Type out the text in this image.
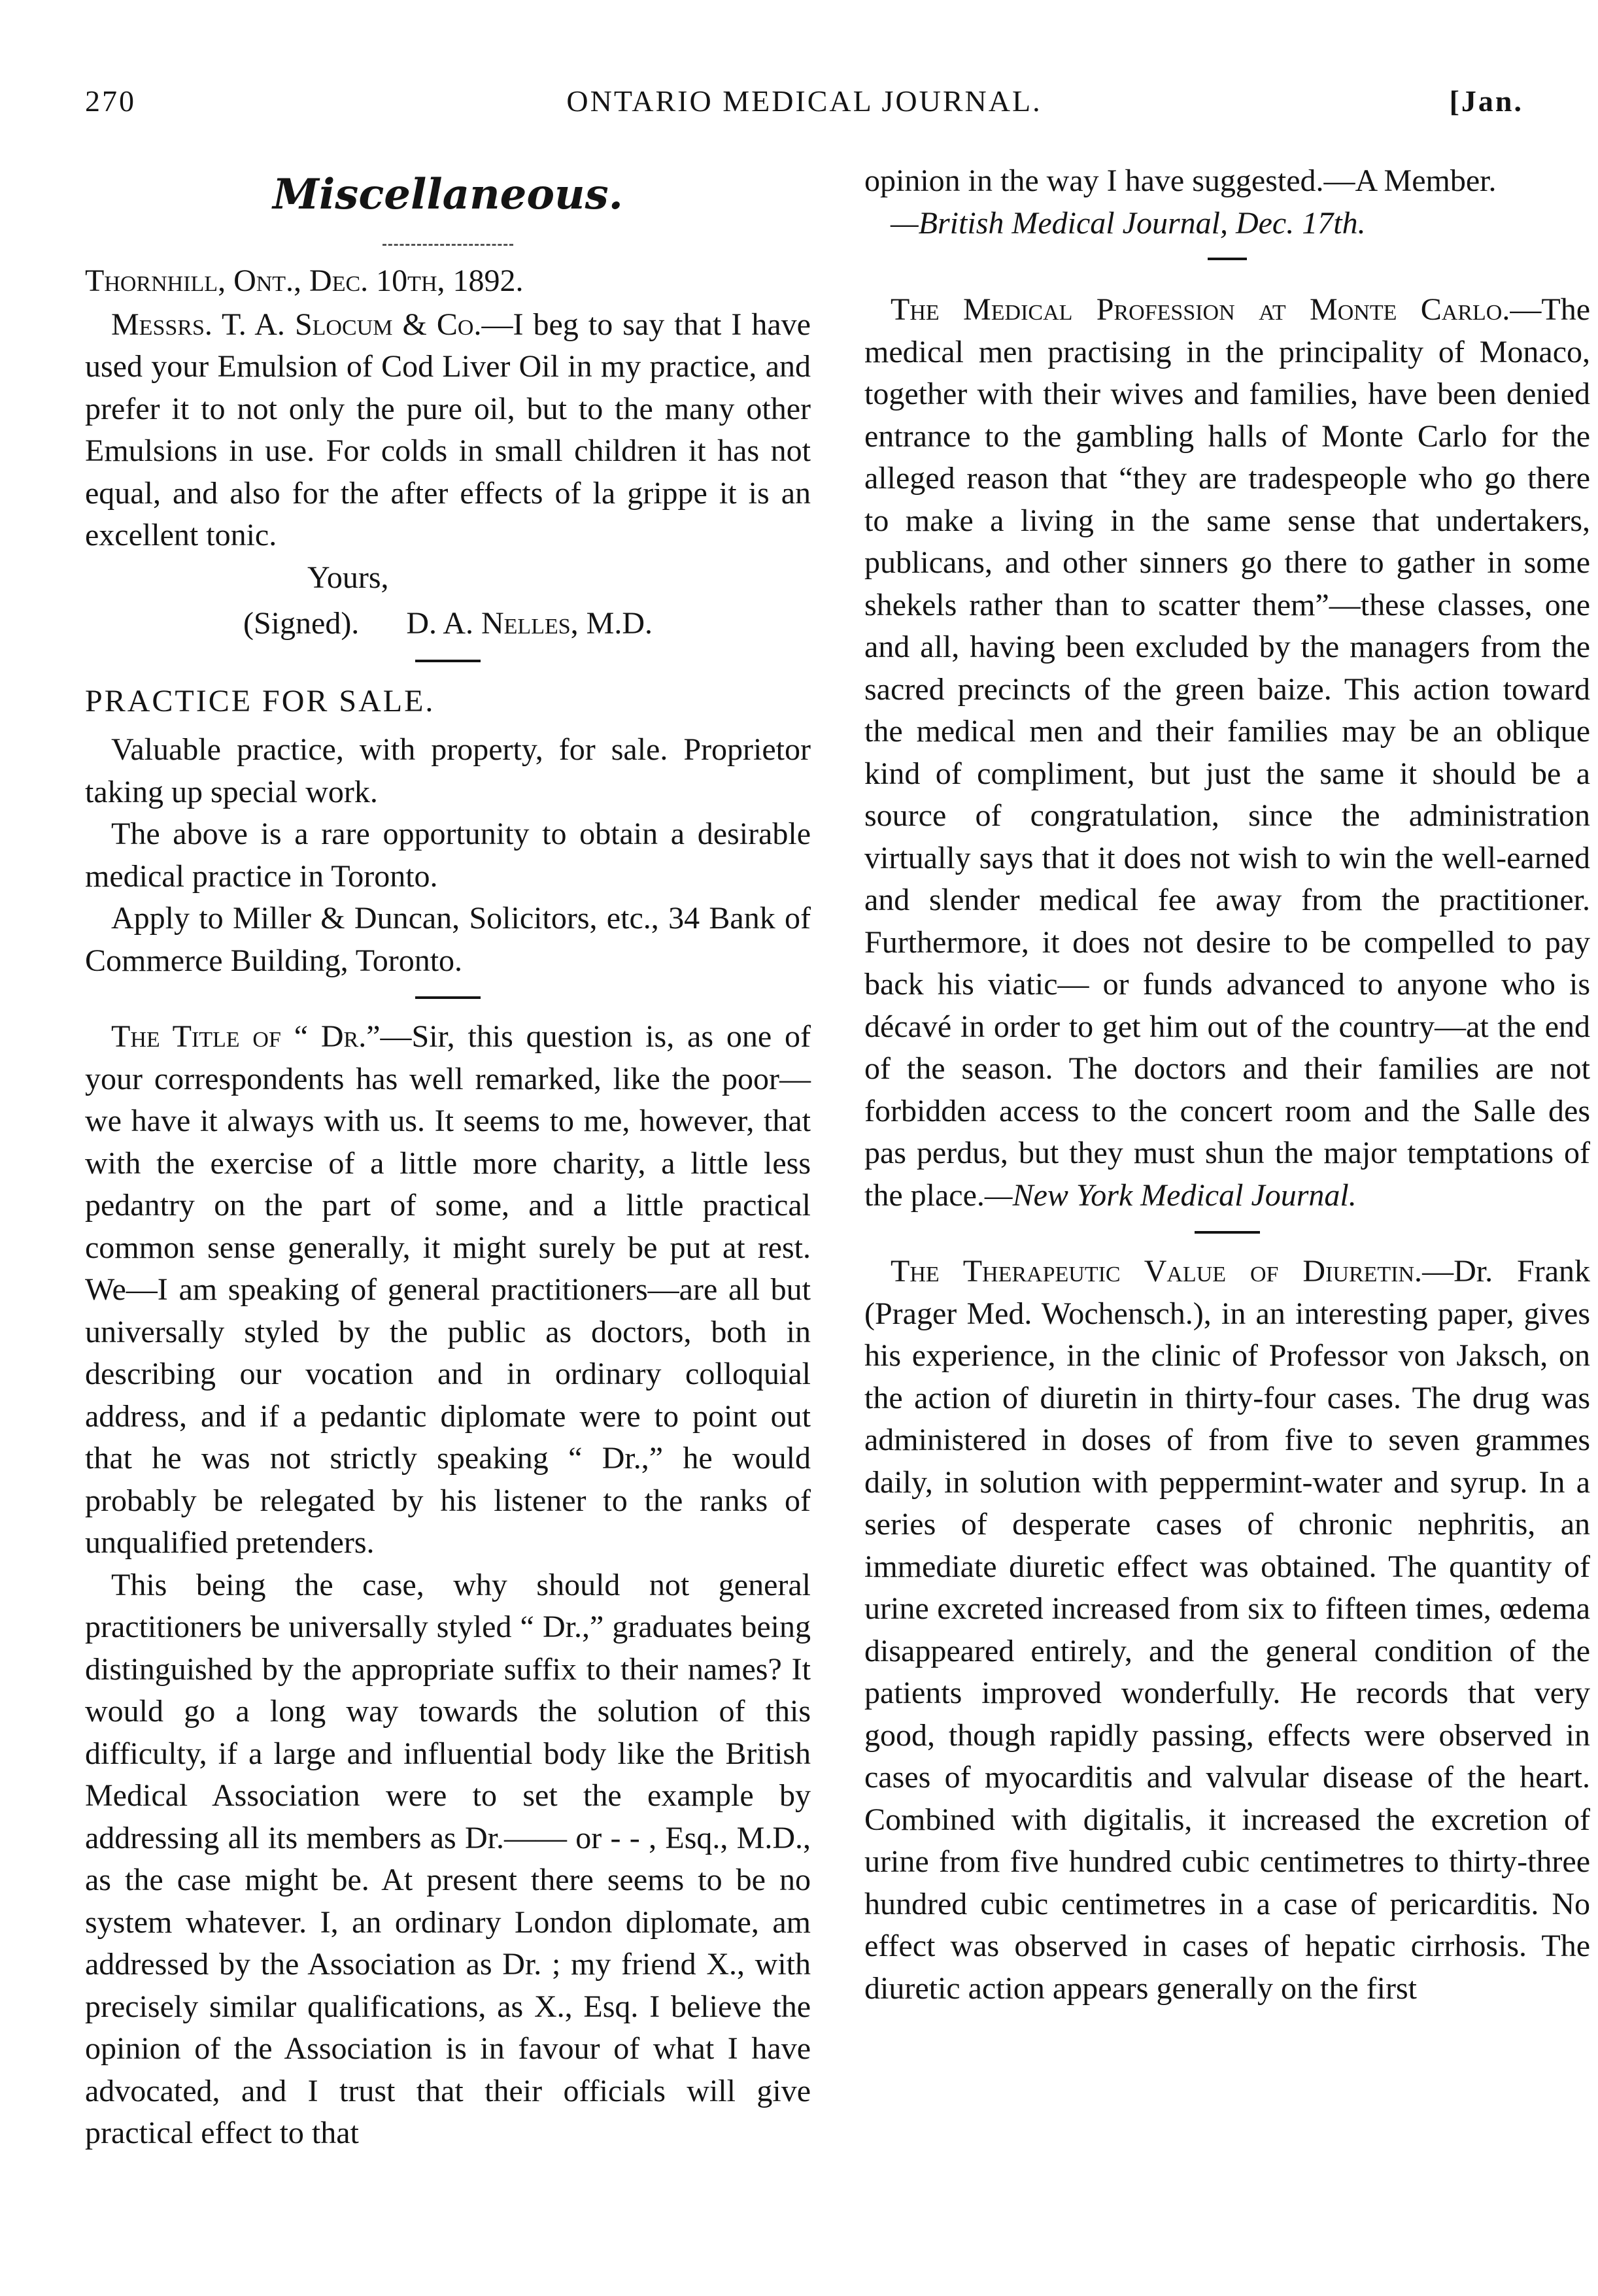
270	ONTARIO MEDICAL JOURNAL.	[Jan.
Miscellaneous.

Thornhill, Ont., Dec. 10th, 1892.

Messrs. T. A. Slocum & Co.—I beg to say that I have used your Emulsion of Cod Liver Oil in my practice, and prefer it to not only the pure oil, but to the many other Emulsions in use. For colds in small children it has not equal, and also for the after effects of la grippe it is an excellent tonic.

Yours,

(Signed). D. A. Nelles, M.D.

PRACTICE FOR SALE.

Valuable practice, with property, for sale. Proprietor taking up special work.

The above is a rare opportunity to obtain a desirable medical practice in Toronto.

Apply to Miller & Duncan, Solicitors, etc., 34 Bank of Commerce Building, Toronto.

The Title of “ Dr.”—Sir, this question is, as one of your correspondents has well remarked, like the poor—we have it always with us. It seems to me, however, that with the exercise of a little more charity, a little less pedantry on the part of some, and a little practical common sense generally, it might surely be put at rest. We—I am speaking of general practitioners—are all but universally styled by the public as doctors, both in describing our vocation and in ordinary colloquial address, and if a pedantic diplomate were to point out that he was not strictly speaking “ Dr.,” he would probably be relegated by his listener to the ranks of unqualified pretenders.

This being the case, why should not general practitioners be universally styled “ Dr.,” graduates being distinguished by the appropriate suffix to their names? It would go a long way towards the solution of this difficulty, if a large and influential body like the British Medical Association were to set the example by addressing all its members as Dr.—— or - - , Esq., M.D., as the case might be. At present there seems to be no system whatever. I, an ordinary London diplomate, am addressed by the Association as Dr. ; my friend X., with precisely similar qualifications, as X., Esq. I believe the opinion of the Association is in favour of what I have advocated, and I trust that their officials will give practical effect to that

opinion in the way I have suggested.—A Member.

—British Medical Journal, Dec. 17th.

The Medical Profession at Monte Carlo.—The medical men practising in the principality of Monaco, together with their wives and families, have been denied entrance to the gambling halls of Monte Carlo for the alleged reason that “they are tradespeople who go there to make a living in the same sense that undertakers, publicans, and other sinners go there to gather in some shekels rather than to scatter them”—these classes, one and all, having been excluded by the managers from the sacred precincts of the green baize. This action toward the medical men and their families may be an oblique kind of compliment, but just the same it should be a source of congratulation, since the administration virtually says that it does not wish to win the well-earned and slender medical fee away from the practitioner. Furthermore, it does not desire to be compelled to pay back his viatic— or funds advanced to anyone who is décavé in order to get him out of the country—at the end of the season. The doctors and their families are not forbidden access to the concert room and the Salle des pas perdus, but they must shun the major temptations of the place.—New York Medical Journal.

The Therapeutic Value of Diuretin.—Dr. Frank (Prager Med. Wochensch.), in an interesting paper, gives his experience, in the clinic of Professor von Jaksch, on the action of diuretin in thirty-four cases. The drug was administered in doses of from five to seven grammes daily, in solution with peppermint-water and syrup. In a series of desperate cases of chronic nephritis, an immediate diuretic effect was obtained. The quantity of urine excreted increased from six to fifteen times, œdema disappeared entirely, and the general condition of the patients improved wonderfully. He records that very good, though rapidly passing, effects were observed in cases of myocarditis and valvular disease of the heart. Combined with digitalis, it increased the excretion of urine from five hundred cubic centimetres to thirty-three hundred cubic centimetres in a case of pericarditis. No effect was observed in cases of hepatic cirrhosis. The diuretic action appears generally on the first
